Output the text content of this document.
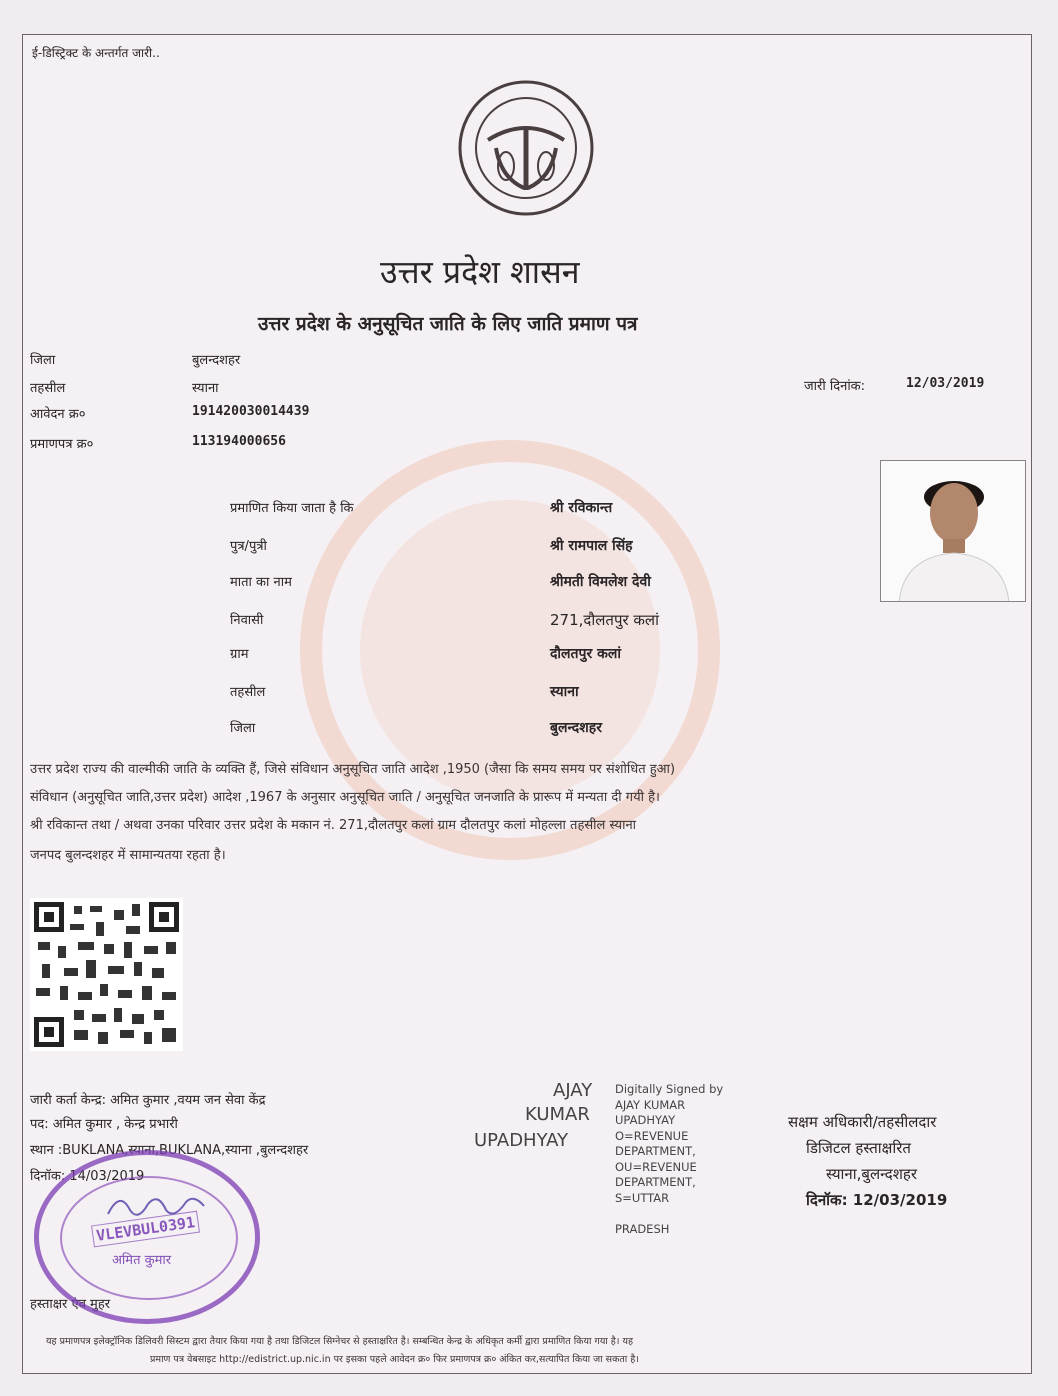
ई-डिस्ट्रिक्ट के अन्तर्गत जारी..
उत्तर प्रदेश शासन
उत्तर प्रदेश के अनुसूचित जाति के लिए जाति प्रमाण पत्र
जिला	बुलन्दशहर
तहसील	स्याना
आवेदन क्र०	191420030014439
प्रमाणपत्र क्र०	113194000656
जारी दिनांक:	12/03/2019
प्रमाणित किया जाता है कि	श्री रविकान्त
पुत्र/पुत्री	श्री रामपाल सिंह
माता का नाम	श्रीमती विमलेश देवी
निवासी	271,दौलतपुर कलां
ग्राम	दौलतपुर कलां
तहसील	स्याना
जिला	बुलन्दशहर
उत्तर प्रदेश राज्य की वाल्मीकी जाति के व्यक्ति हैं, जिसे संविधान अनुसूचित जाति आदेश ,1950 (जैसा कि समय समय पर संशोधित हुआ)
संविधान (अनुसूचित जाति,उत्तर प्रदेश) आदेश ,1967 के अनुसार अनुसूचित जाति / अनुसूचित जनजाति के प्रारूप में मन्यता दी गयी है।
श्री रविकान्त तथा / अथवा उनका परिवार उत्तर प्रदेश के मकान नं. 271,दौलतपुर कलां ग्राम दौलतपुर कलां मोहल्ला तहसील स्याना
जनपद बुलन्दशहर में सामान्यतया रहता है।
जारी कर्ता केन्द्र: अमित कुमार ,वयम जन सेवा केंद्र
पद: अमित कुमार , केन्द्र प्रभारी
स्थान :BUKLANA,स्याना,BUKLANA,स्याना ,बुलन्दशहर
दिनॉक: 14/03/2019
हस्ताक्षर एंव मुहर
VLEVBUL0391
अमित कुमार
AJAY
KUMAR
UPADHYAY
Digitally Signed by
AJAY KUMAR
UPADHYAY
O=REVENUE
DEPARTMENT,
OU=REVENUE
DEPARTMENT,
S=UTTAR
PRADESH
सक्षम अधिकारी/तहसीलदार
डिजिटल हस्ताक्षरित
स्याना,बुलन्दशहर
दिनॉक: 12/03/2019
यह प्रमाणपत्र इलेक्ट्रॉनिक डिलिवरी सिस्टम द्वारा तैयार किया गया है तथा डिजिटल सिग्नेचर से हस्ताक्षरित है। सम्बन्धित केन्द्र के अधिकृत कर्मी द्वारा प्रमाणित किया गया है। यह
प्रमाण पत्र वेबसाइट http://edistrict.up.nic.in पर इसका पहले आवेदन क्र० फिर प्रमाणपत्र क्र० अंकित कर,सत्यापित किया जा सकता है।
